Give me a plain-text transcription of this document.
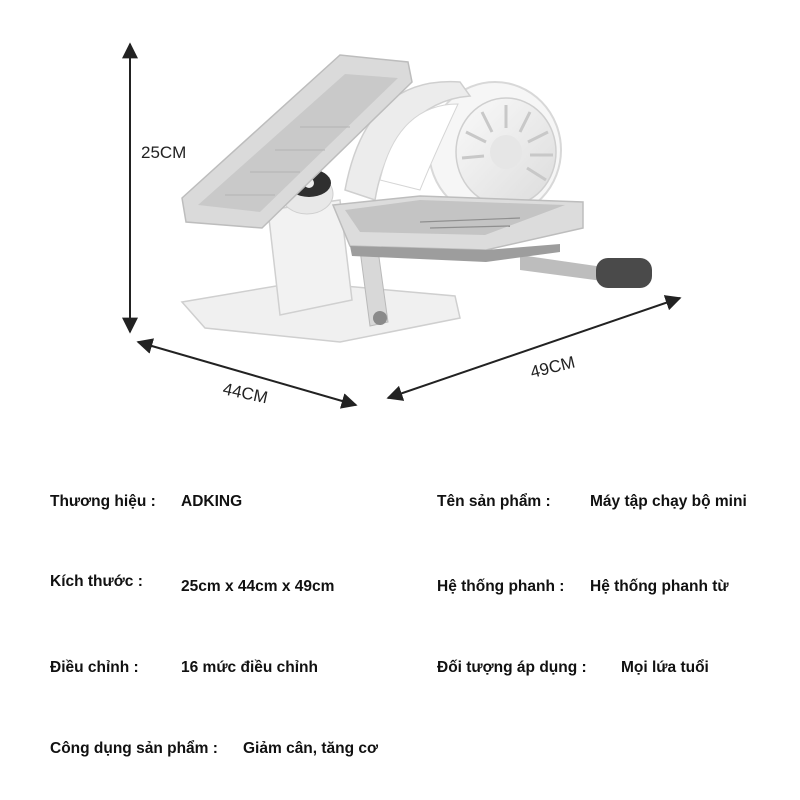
25CM
44CM
49CM
Thương hiệu : ADKING	Tên sản phẩm :	Máy tập chạy bộ mini
Kích thước : 25cm x 44cm x 49cm	Hệ thống phanh : Hệ thống phanh từ
Điều chỉnh :	16 mức điều chỉnh	Đối tượng áp dụng : Mọi lứa tuổi
Công dụng sản phẩm : Giảm cân, tăng cơ
